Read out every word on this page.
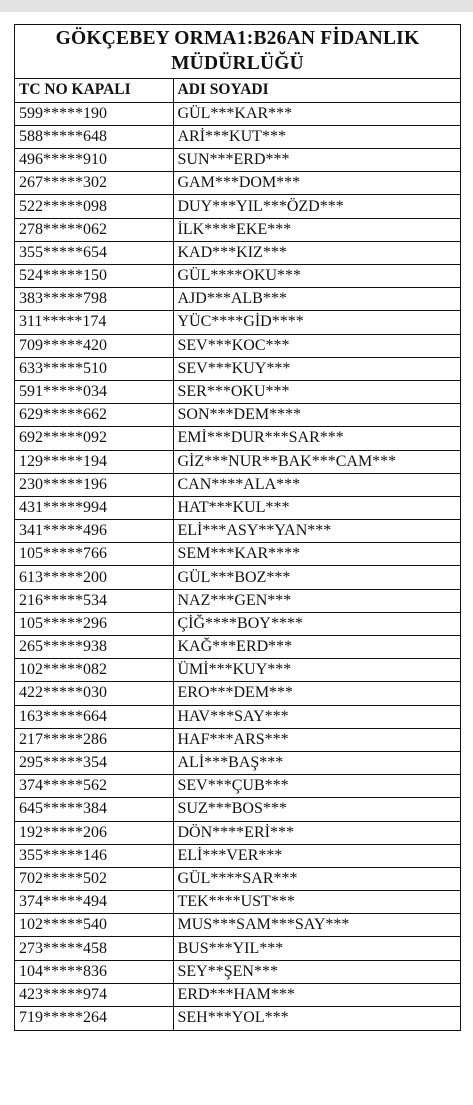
GÖKÇEBEY ORMA1:B26AN FİDANLIK
MÜDÜRLÜĞÜ
TC NO KAPALI	ADI SOYADI
599*****190	GÜL***KAR***
588*****648	ARİ***KUT***
496*****910	SUN***ERD***
267*****302	GAM***DOM***
522*****098	DUY***YIL***ÖZD***
278*****062	İLK****EKE***
355*****654	KAD***KIZ***
524*****150	GÜL****OKU***
383*****798	AJD***ALB***
311*****174	YÜC****GİD****
709*****420	SEV***KOC***
633*****510	SEV***KUY***
591*****034	SER***OKU***
629*****662	SON***DEM****
692*****092	EMİ***DUR***SAR***
129*****194	GİZ***NUR**BAK***CAM***
230*****196	CAN****ALA***
431*****994	HAT***KUL***
341*****496	ELİ***ASY**YAN***
105*****766	SEM***KAR****
613*****200	GÜL***BOZ***
216*****534	NAZ***GEN***
105*****296	ÇİĞ****BOY****
265*****938	KAĞ***ERD***
102*****082	ÜMİ***KUY***
422*****030	ERO***DEM***
163*****664	HAV***SAY***
217*****286	HAF***ARS***
295*****354	ALİ***BAŞ***
374*****562	SEV***ÇUB***
645*****384	SUZ***BOS***
192*****206	DÖN****ERİ***
355*****146	ELİ***VER***
702*****502	GÜL****SAR***
374*****494	TEK****UST***
102*****540	MUS***SAM***SAY***
273*****458	BUS***YIL***
104*****836	SEY**ŞEN***
423*****974	ERD***HAM***
719*****264	SEH***YOL***
